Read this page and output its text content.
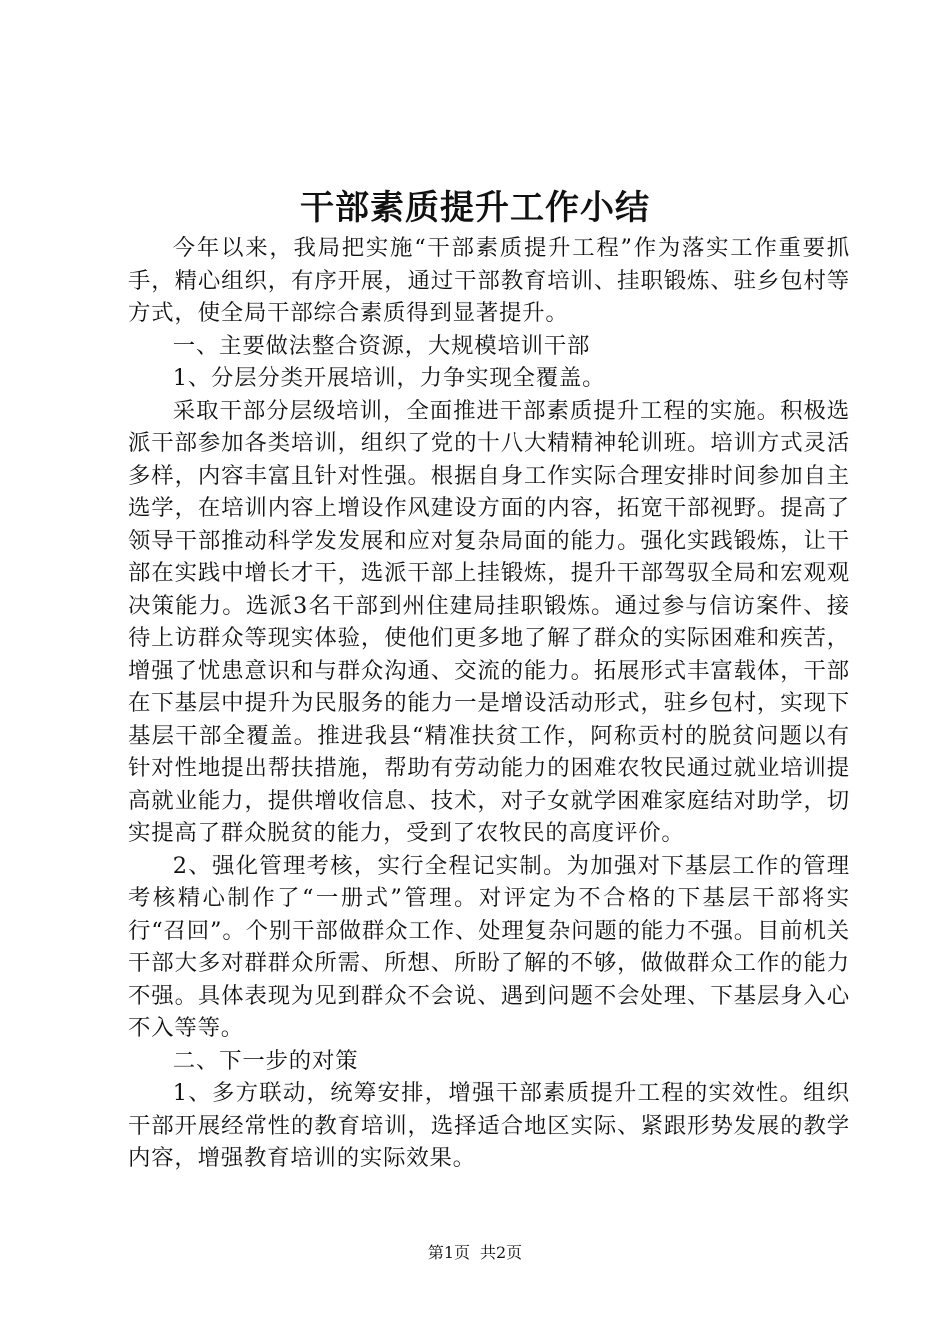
干部素质提升工作小结

今年以来，我局把实施“干部素质提升工程”作为落实工作重要抓手，精心组织，有序开展，通过干部教育培训、挂职锻炼、驻乡包村等方式，使全局干部综合素质得到显著提升。

一、主要做法整合资源，大规模培训干部

1、分层分类开展培训，力争实现全覆盖。

采取干部分层级培训，全面推进干部素质提升工程的实施。积极选派干部参加各类培训，组织了党的十八大精精神轮训班。培训方式灵活多样，内容丰富且针对性强。根据自身工作实际合理安排时间参加自主选学，在培训内容上增设作风建设方面的内容，拓宽干部视野。提高了领导干部推动科学发发展和应对复杂局面的能力。强化实践锻炼，让干部在实践中增长才干，选派干部上挂锻炼，提升干部驾驭全局和宏观观决策能力。选派3名干部到州住建局挂职锻炼。通过参与信访案件、接待上访群众等现实体验，使他们更多地了解了群众的实际困难和疾苦，增强了忧患意识和与群众沟通、交流的能力。拓展形式丰富载体，干部在下基层中提升为民服务的能力一是增设活动形式，驻乡包村，实现下基层干部全覆盖。推进我县“精准扶贫工作，阿称贡村的脱贫问题以有针对性地提出帮扶措施，帮助有劳动能力的困难农牧民通过就业培训提高就业能力，提供增收信息、技术，对子女就学困难家庭结对助学，切实提高了群众脱贫的能力，受到了农牧民的高度评价。

2、强化管理考核，实行全程记实制。为加强对下基层工作的管理考核精心制作了“一册式”管理。对评定为不合格的下基层干部将实行“召回”。个别干部做群众工作、处理复杂问题的能力不强。目前机关干部大多对群群众所需、所想、所盼了解的不够，做做群众工作的能力不强。具体表现为见到群众不会说、遇到问题不会处理、下基层身入心不入等等。

二、下一步的对策

1、多方联动，统筹安排，增强干部素质提升工程的实效性。组织干部开展经常性的教育培训，选择适合地区实际、紧跟形势发展的教学内容，增强教育培训的实际效果。

第1页 共2页
